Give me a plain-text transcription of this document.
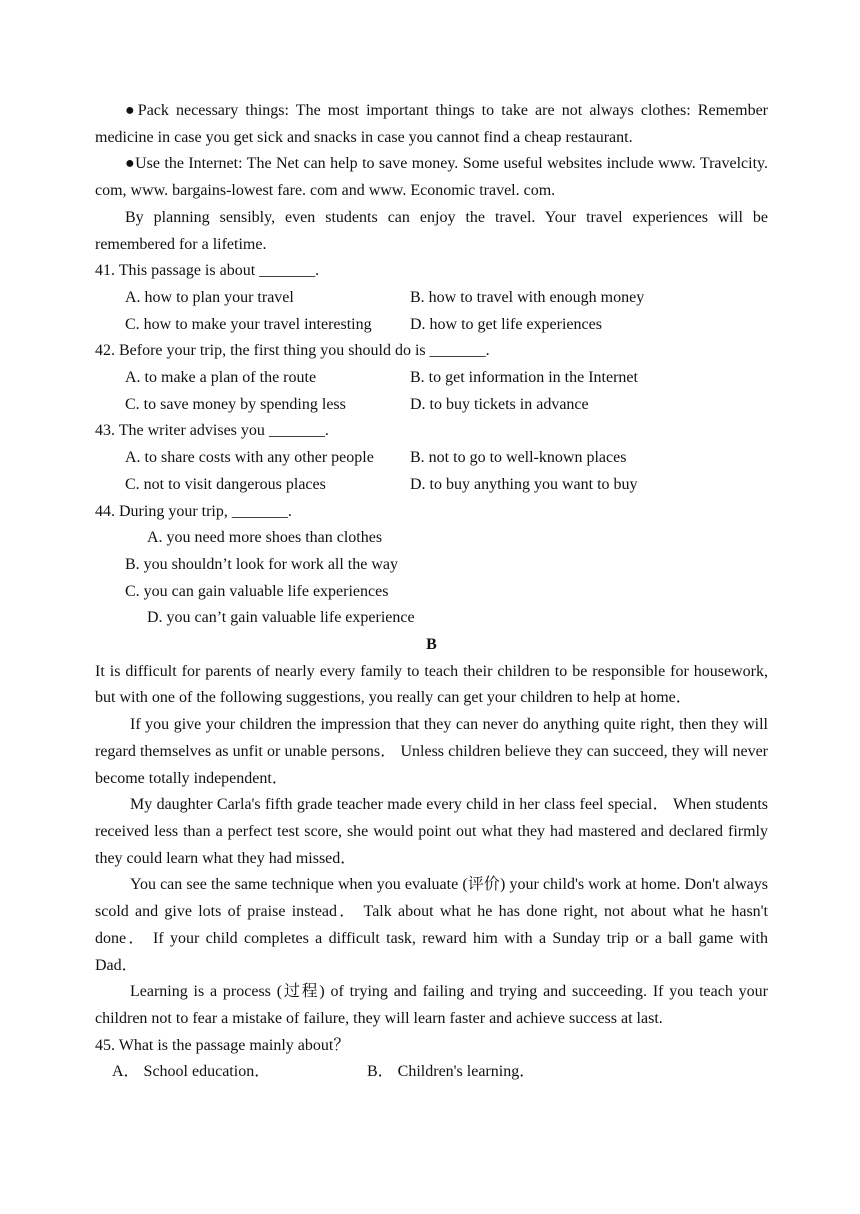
●Pack necessary things: The most important things to take are not always clothes: Remember medicine in case you get sick and snacks in case you cannot find a cheap restaurant.

●Use the Internet: The Net can help to save money. Some useful websites include www. Travelcity. com, www. bargains-lowest fare. com and www. Economic travel. com.

By planning sensibly, even students can enjoy the travel. Your travel experiences will be remembered for a lifetime.

41. This passage is about _______.

A. how to plan your travel	B. how to travel with enough money
C. how to make your travel interesting	D. how to get life experiences

42. Before your trip, the first thing you should do is _______.

A. to make a plan of the route	B. to get information in the Internet
C. to save money by spending less	D. to buy tickets in advance

43. The writer advises you _______.

A. to share costs with any other people	B. not to go to well-known places
C. not to visit dangerous places	D. to buy anything you want to buy

44. During your trip, _______.

A. you need more shoes than clothes
B. you shouldn’t look for work all the way
C. you can gain valuable life experiences
D. you can’t gain valuable life experience
B

It is difficult for parents of nearly every family to teach their children to be responsible for housework, but with one of the following suggestions, you really can get your children to help at home．

If you give your children the impression that they can never do anything quite right, then they will regard themselves as unfit or unable persons． Unless children believe they can succeed, they will never become totally independent．

My daughter Carla's fifth grade teacher made every child in her class feel special． When students received less than a perfect test score, she would point out what they had mastered and declared firmly they could learn what they had missed．

You can see the same technique when you evaluate (评价) your child's work at home. Don't always scold and give lots of praise instead． Talk about what he has done right, not about what he hasn't done． If your child completes a difficult task, reward him with a Sunday trip or a ball game with Dad．

Learning is a process (过程) of trying and failing and trying and succeeding. If you teach your children not to fear a mistake of failure, they will learn faster and achieve success at last.

45. What is the passage mainly about？

A． School education．	B． Children's learning．
